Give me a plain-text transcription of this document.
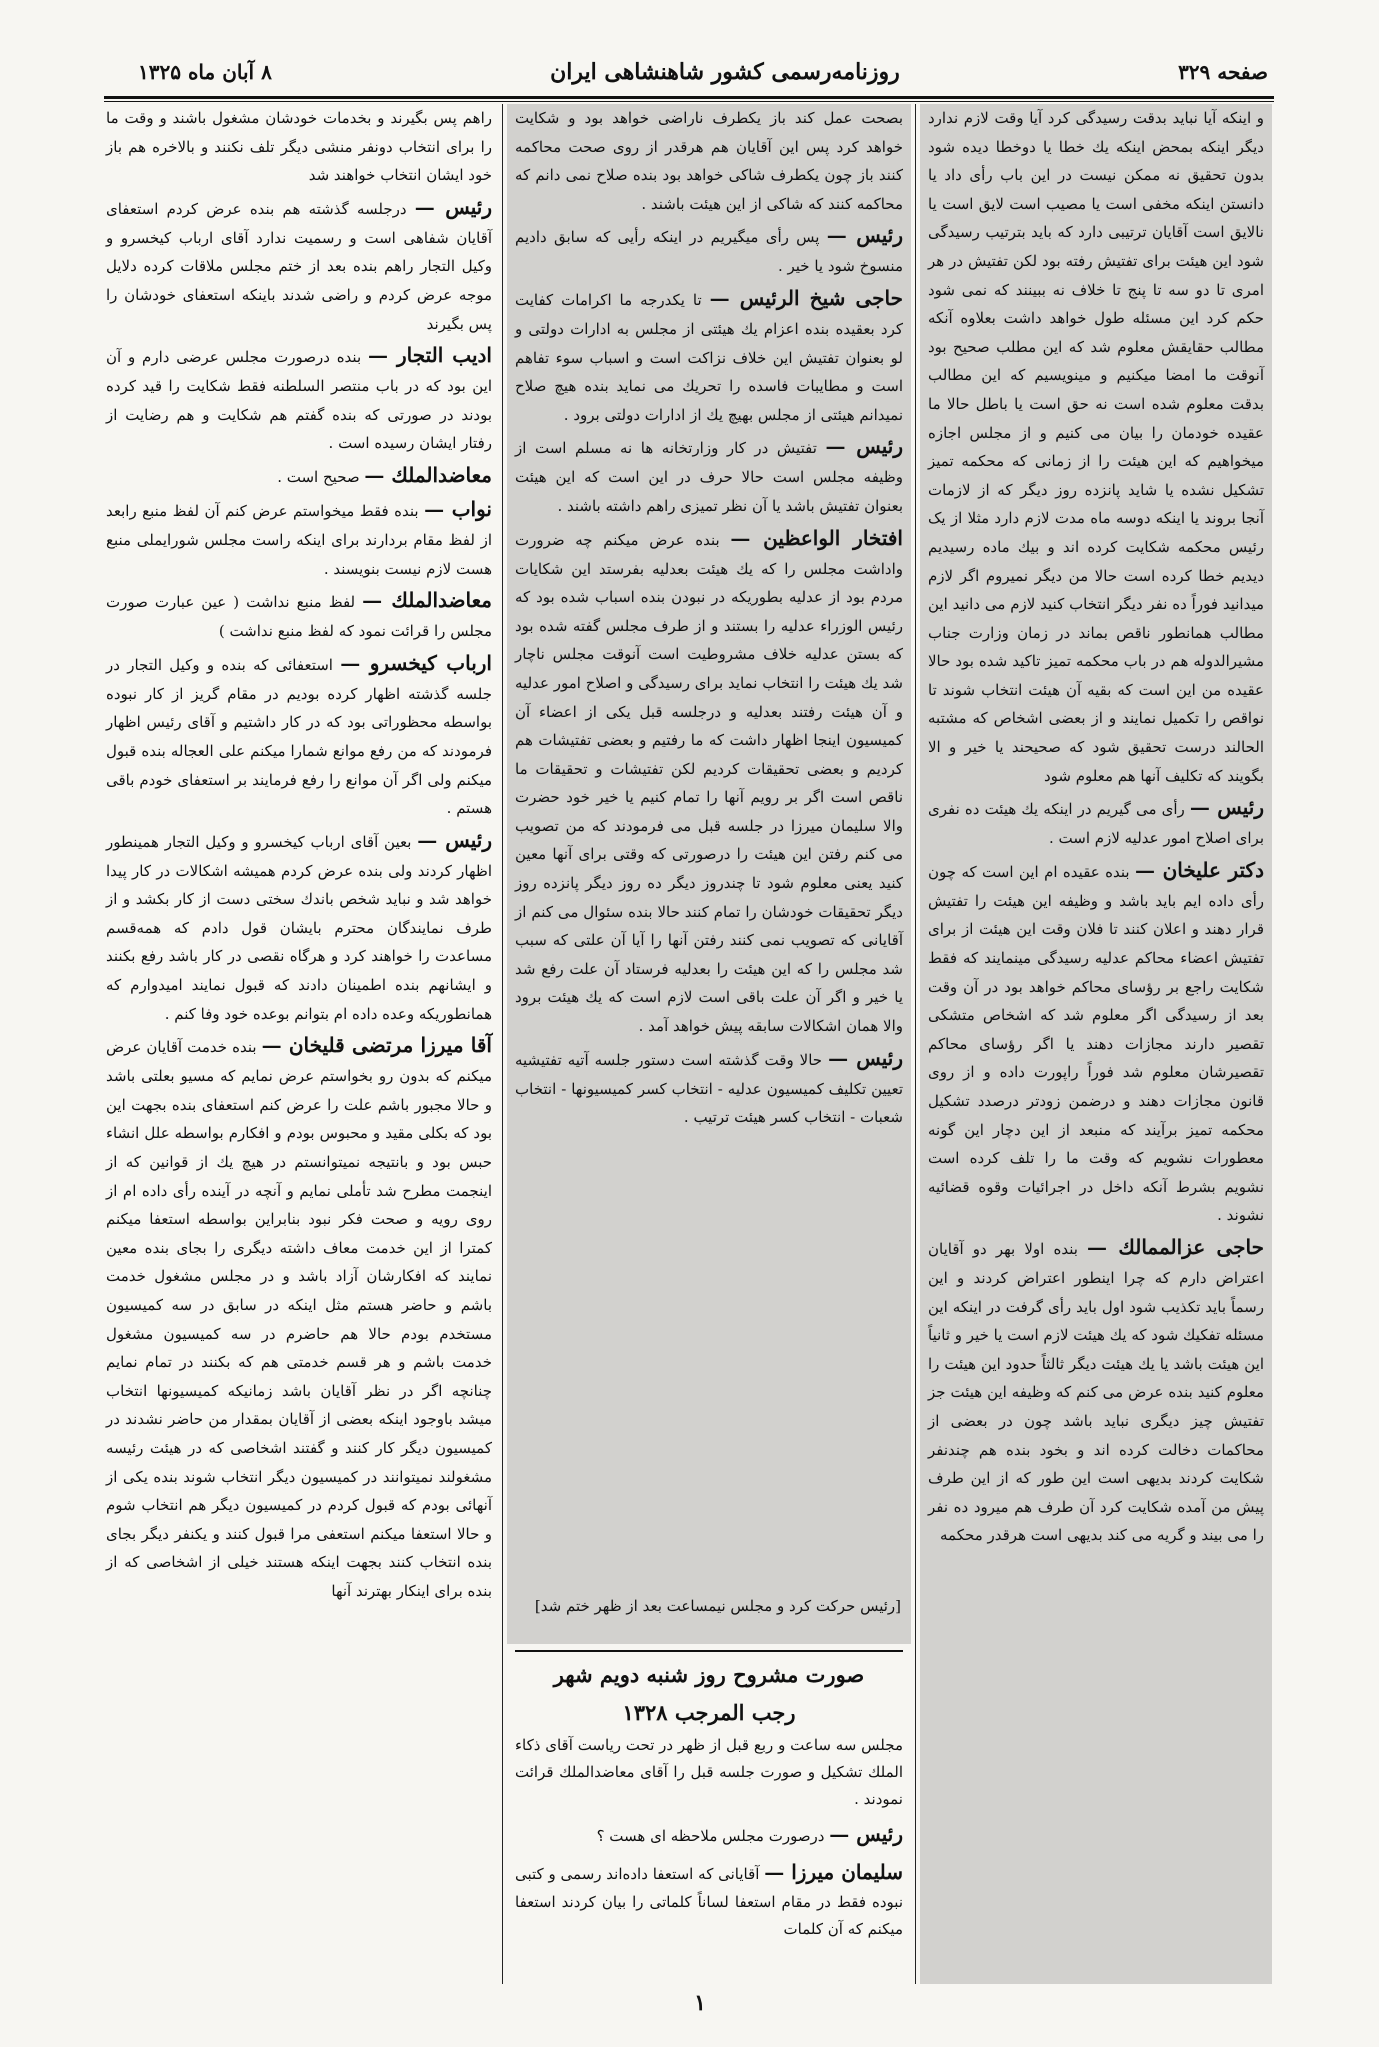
صفحه ۳۲۹
روزنامه‌رسمی کشور شاهنشاهی ایران
۸ آبان ماه ۱۳۲۵

و اینکه آیا نباید بدقت رسیدگی کرد آیا وقت لازم ندارد دیگر اینکه بمحض اینکه یك خطا یا دوخطا دیده شود بدون تحقیق نه ممکن نیست در این باب رأی داد یا دانستن اینکه مخفی است یا مصیب است لایق است یا نالایق است آقایان ترتیبی دارد که باید بترتیب رسیدگی شود این هیئت برای تفتیش رفته بود لکن تفتیش در هر امری تا دو سه تا پنج تا خلاف نه ببینند که نمی شود حکم کرد این مسئله طول خواهد داشت بعلاوه آنکه مطالب حقایقش معلوم شد که این مطلب صحیح بود آنوقت ما امضا میکنیم و مینویسیم که این مطالب بدقت معلوم شده است نه حق است یا باطل حالا ما عقیده خودمان را بیان می کنیم و از مجلس اجازه میخواهیم که این هیئت را از زمانی که محکمه تمیز تشکیل نشده یا شاید پانزده روز دیگر که از لازمات آنجا بروند یا اینکه دوسه ماه مدت لازم دارد مثلا از یک رئیس محکمه شکایت کرده اند و بیك ماده رسیدیم دیدیم خطا کرده است حالا من دیگر نمیروم اگر لازم میدانید فوراً ده نفر دیگر انتخاب کنید لازم می دانید این مطالب همانطور ناقص بماند در زمان وزارت جناب مشیرالدوله هم در باب محکمه تمیز تاکید شده بود حالا عقیده من این است که بقیه آن هیئت انتخاب شوند تا نواقص را تکمیل نمایند و از بعضی اشخاص که مشتبه الحالند درست تحقیق شود که صحیحند یا خیر و الا بگویند که تکلیف آنها هم معلوم شود

رئیس — رأی می گیریم در اینکه یك هیئت ده نفری برای اصلاح امور عدلیه لازم است .

دکتر علیخان — بنده عقیده ام این است که چون رأی داده ایم باید باشد و وظیفه این هیئت را تفتیش قرار دهند و اعلان کنند تا فلان وقت این هیئت از برای تفتیش اعضاء محاکم عدلیه رسیدگی مینمایند که فقط شکایت راجع بر رؤسای محاکم خواهد بود در آن وقت بعد از رسیدگی اگر معلوم شد که اشخاص متشکی تقصیر دارند مجازات دهند یا اگر رؤسای محاکم تقصیرشان معلوم شد فوراً راپورت داده و از روی قانون مجازات دهند و درضمن زودتر درصدد تشکیل محکمه تمیز برآیند که منبعد از این دچار این گونه معطورات نشویم که وقت ما را تلف کرده است نشویم بشرط آنکه داخل در اجرائیات وقوه قضائیه نشوند .

حاجی عزالممالك — بنده اولا بهر دو آقایان اعتراض دارم که چرا اینطور اعتراض کردند و این رسماً باید تکذیب شود اول باید رأی گرفت در اینکه این مسئله تفکیك شود که یك هیئت لازم است یا خیر و ثانیاً این هیئت باشد یا یك هیئت دیگر ثالثاً حدود این هیئت را معلوم کنید بنده عرض می کنم که وظیفه این هیئت جز تفتیش چیز دیگری نباید باشد چون در بعضی از محاکمات دخالت کرده اند و بخود بنده هم چندنفر شکایت کردند بدیهی است این طور که از این طرف پیش من آمده شکایت کرد آن طرف هم میرود ده نفر را می بیند و گریه می کند بدیهی است هرقدر محکمه

بصحت عمل کند باز یکطرف ناراضی خواهد بود و شکایت خواهد کرد پس این آقایان هم هرقدر از روی صحت محاکمه کنند باز چون یکطرف شاکی خواهد بود بنده صلاح نمی دانم که محاکمه کنند که شاکی از این هیئت باشند .

رئیس — پس رأی میگیریم در اینکه رأیی که سابق دادیم منسوخ شود یا خیر .

حاجی شیخ الرئیس — تا یکدرجه ما اکرامات کفایت کرد بعقیده بنده اعزام یك هیئتی از مجلس به ادارات دولتی و لو بعنوان تفتیش این خلاف نزاکت است و اسباب سوء تفاهم است و مطایبات فاسده را تحریك می نماید بنده هیچ صلاح نمیدانم هیئتی از مجلس بهیچ یك از ادارات دولتی برود .

رئیس — تفتیش در کار وزارتخانه ها نه مسلم است از وظیفه مجلس است حالا حرف در این است که این هیئت بعنوان تفتیش باشد یا آن نظر تمیزی راهم داشته باشند .

افتخار الواعظین — بنده عرض میکنم چه ضرورت واداشت مجلس را که یك هیئت بعدلیه بفرستد این شکایات مردم بود از عدلیه بطوریکه در نبودن بنده اسباب شده بود که رئیس الوزراء عدلیه را بستند و از طرف مجلس گفته شده بود که بستن عدلیه خلاف مشروطیت است آنوقت مجلس ناچار شد یك هیئت را انتخاب نماید برای رسیدگی و اصلاح امور عدلیه و آن هیئت رفتند بعدلیه و درجلسه قبل یکی از اعضاء آن کمیسیون اینجا اظهار داشت که ما رفتیم و بعضی تفتیشات هم کردیم و بعضی تحقیقات کردیم لکن تفتیشات و تحقیقات ما ناقص است اگر بر رویم آنها را تمام کنیم یا خیر خود حضرت والا سلیمان میرزا در جلسه قبل می فرمودند که من تصویب می کنم رفتن این هیئت را درصورتی که وقتی برای آنها معین کنید یعنی معلوم شود تا چندروز دیگر ده روز دیگر پانزده روز دیگر تحقیقات خودشان را تمام کنند حالا بنده سئوال می کنم از آقایانی که تصویب نمی کنند رفتن آنها را آیا آن علتی که سبب شد مجلس را که این هیئت را بعدلیه فرستاد آن علت رفع شد یا خیر و اگر آن علت باقی است لازم است که یك هیئت برود والا همان اشکالات سابقه پیش خواهد آمد .

رئیس — حالا وقت گذشته است دستور جلسه آتیه تفتیشیه تعیین تکلیف کمیسیون عدلیه - انتخاب کسر کمیسیونها - انتخاب شعبات - انتخاب کسر هیئت ترتیب .

[رئیس حرکت کرد و مجلس نیمساعت بعد از ظهر ختم شد]
صورت مشروح روز شنبه دویم شهر
رجب المرجب ۱۳۲۸

مجلس سه ساعت و ربع قبل از ظهر در تحت ریاست آقای ذکاء الملك تشکیل و صورت جلسه قبل را آقای معاضدالملك قرائت نمودند .

رئیس — درصورت مجلس ملاحظه ای هست ؟

سلیمان میرزا — آقایانی که استعفا داده‌اند رسمی و کتبی نبوده فقط در مقام استعفا لساناً کلماتی را بیان کردند استعفا میکنم که آن کلمات

راهم پس بگیرند و بخدمات خودشان مشغول باشند و وقت ما را برای انتخاب دونفر منشی دیگر تلف نکنند و بالاخره هم باز خود ایشان انتخاب خواهند شد

رئیس — درجلسه گذشته هم بنده عرض کردم استعفای آقایان شفاهی است و رسمیت ندارد آقای ارباب کیخسرو و وکیل التجار راهم بنده بعد از ختم مجلس ملاقات کرده دلایل موجه عرض کردم و راضی شدند باینکه استعفای خودشان را پس بگیرند

ادیب التجار — بنده درصورت مجلس عرضی دارم و آن این بود که در باب منتصر السلطنه فقط شکایت را قید کرده بودند در صورتی که بنده گفتم هم شکایت و هم رضایت از رفتار ایشان رسیده است .

معاضدالملك — صحیح است .

نواب — بنده فقط میخواستم عرض کنم آن لفظ منبع رابعد از لفظ مقام بردارند برای اینکه راست مجلس شورایملی منبع هست لازم نیست بنویسند .

معاضدالملك — لفظ منبع نداشت ( عین عبارت صورت مجلس را قرائت نمود که لفظ منبع نداشت )

ارباب کیخسرو — استعفائی که بنده و وکیل التجار در جلسه گذشته اظهار کرده بودیم در مقام گریز از کار نبوده بواسطه محظوراتی بود که در کار داشتیم و آقای رئیس اظهار فرمودند که من رفع موانع شمارا میکنم علی العجاله بنده قبول میکنم ولی اگر آن موانع را رفع فرمایند بر استعفای خودم باقی هستم .

رئیس — بعین آقای ارباب کیخسرو و وکیل التجار همینطور اظهار کردند ولی بنده عرض کردم همیشه اشکالات در کار پیدا خواهد شد و نباید شخص باندك سختی دست از کار بکشد و از طرف نمایندگان محترم بایشان قول دادم که همه‌قسم مساعدت را خواهند کرد و هرگاه نقصی در کار باشد رفع بکنند و ایشانهم بنده اطمینان دادند که قبول نمایند امیدوارم که همانطوریکه وعده داده ام بتوانم بوعده خود وفا کنم .

آقا میرزا مرتضی قلیخان — بنده خدمت آقایان عرض میکنم که بدون رو بخواستم عرض نمایم که مسیو بعلتی باشد و حالا مجبور باشم علت را عرض کنم استعفای بنده بجهت این بود که بکلی مقید و محبوس بودم و افکارم بواسطه علل انشاء حبس بود و بانتیجه نمیتوانستم در هیچ یك از قوانین که از اینجمت مطرح شد تأملی نمایم و آنچه در آینده رأی داده ام از روی رویه و صحت فکر نبود بنابراین بواسطه استعفا میکنم کمترا از این خدمت معاف داشته دیگری را بجای بنده معین نمایند که افکارشان آزاد باشد و در مجلس مشغول خدمت باشم و حاضر هستم مثل اینکه در سابق در سه کمیسیون مستخدم بودم حالا هم حاضرم در سه کمیسیون مشغول خدمت باشم و هر قسم خدمتی هم که بکنند در تمام نمایم چنانچه اگر در نظر آقایان باشد زمانیکه کمیسیونها انتخاب میشد باوجود اینکه بعضی از آقایان بمقدار من حاضر نشدند در کمیسیون دیگر کار کنند و گفتند اشخاصی که در هیئت رئیسه مشغولند نمیتوانند در کمیسیون دیگر انتخاب شوند بنده یکی از آنهائی بودم که قبول کردم در کمیسیون دیگر هم انتخاب شوم و حالا استعفا میکنم استعفی مرا قبول کنند و یکنفر دیگر بجای بنده انتخاب کنند بجهت اینکه هستند خیلی از اشخاصی که از بنده برای اینکار بهترند آنها

۱
